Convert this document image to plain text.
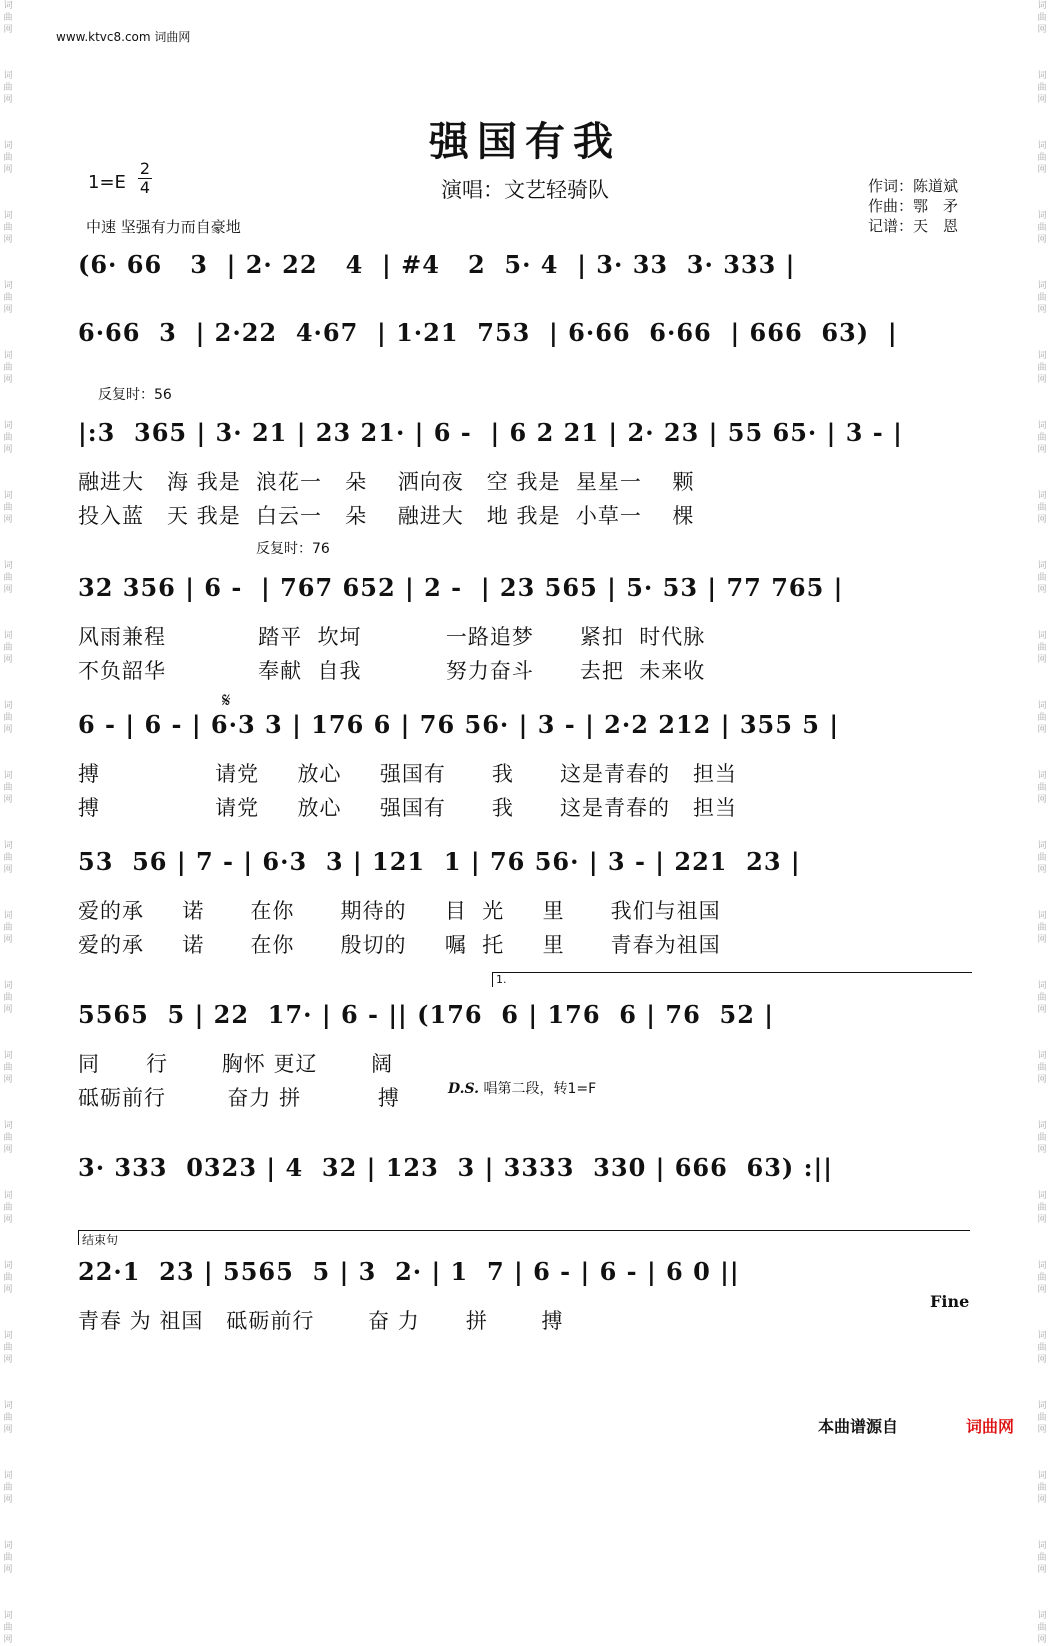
词曲网
词曲网
词曲网
词曲网
词曲网
词曲网
词曲网
词曲网
词曲网
词曲网
词曲网
词曲网
词曲网
词曲网
词曲网
词曲网
词曲网
词曲网
词曲网
词曲网
词曲网
词曲网
词曲网
词曲网
词曲网
词曲网
词曲网
词曲网
词曲网
词曲网
词曲网
词曲网
词曲网
词曲网
词曲网
词曲网
词曲网
词曲网
词曲网
词曲网
词曲网
词曲网
词曲网
词曲网
词曲网
词曲网
词曲网
词曲网
www.ktvc8.com 词曲网
强国有我
1=E
2
4	演唱：文艺轻骑队	作词：陈道斌
作曲：鄂　矛
记谱：天　恩
中速 坚强有力而自豪地
(6· 66   3  | 2· 22   4  | #4   2  5· 4  | 3· 33  3· 333 |
6·66  3  | 2·22  4·67  | 1·21  753  | 6·66  6·66  | 666  63)  |
反复时：56
|:3  365 | 3· 21 | 23 21· | 6 -  | 6 2 21 | 2· 23 | 55 65· | 3 - |
融进大   海 我是  浪花一   朵    洒向夜   空 我是  星星一    颗
投入蓝   天 我是  白云一   朵    融进大   地 我是  小草一    棵
反复时：76
32 356 | 6 -  | 767 652 | 2 -  | 23 565 | 5· 53 | 77 765 |
风雨兼程            踏平  坎坷           一路追梦      紧扣  时代脉
不负韶华            奉献  自我           努力奋斗      去把  未来收
𝄋
6 - | 6 - | 6·3 3 | 176 6 | 76 56· | 3 - | 2·2 212 | 355 5 |
搏               请党     放心     强国有      我      这是青春的   担当
搏               请党     放心     强国有      我      这是青春的   担当
53  56 | 7 - | 6·3  3 | 121  1 | 76 56· | 3 - | 221  23 |
爱的承     诺      在你      期待的     目  光     里      我们与祖国
爱的承     诺      在你      殷切的     嘱  托     里      青春为祖国
1.
5565  5 | 22  17· | 6 - || (176  6 | 176  6 | 76  52 |
同      行       胸怀 更辽       阔
砥砺前行        奋力 拼          搏	D.S. 唱第二段，转1=F
3· 333  0323 | 4  32 | 123  3 | 3333  330 | 666  63) :||
结束句
22·1  23 | 5565  5 | 3  2· | 1  7 | 6 - | 6 - | 6 0 ||
青春 为 祖国   砥砺前行       奋 力      拼       搏
Fine
本曲谱源自	词曲网
